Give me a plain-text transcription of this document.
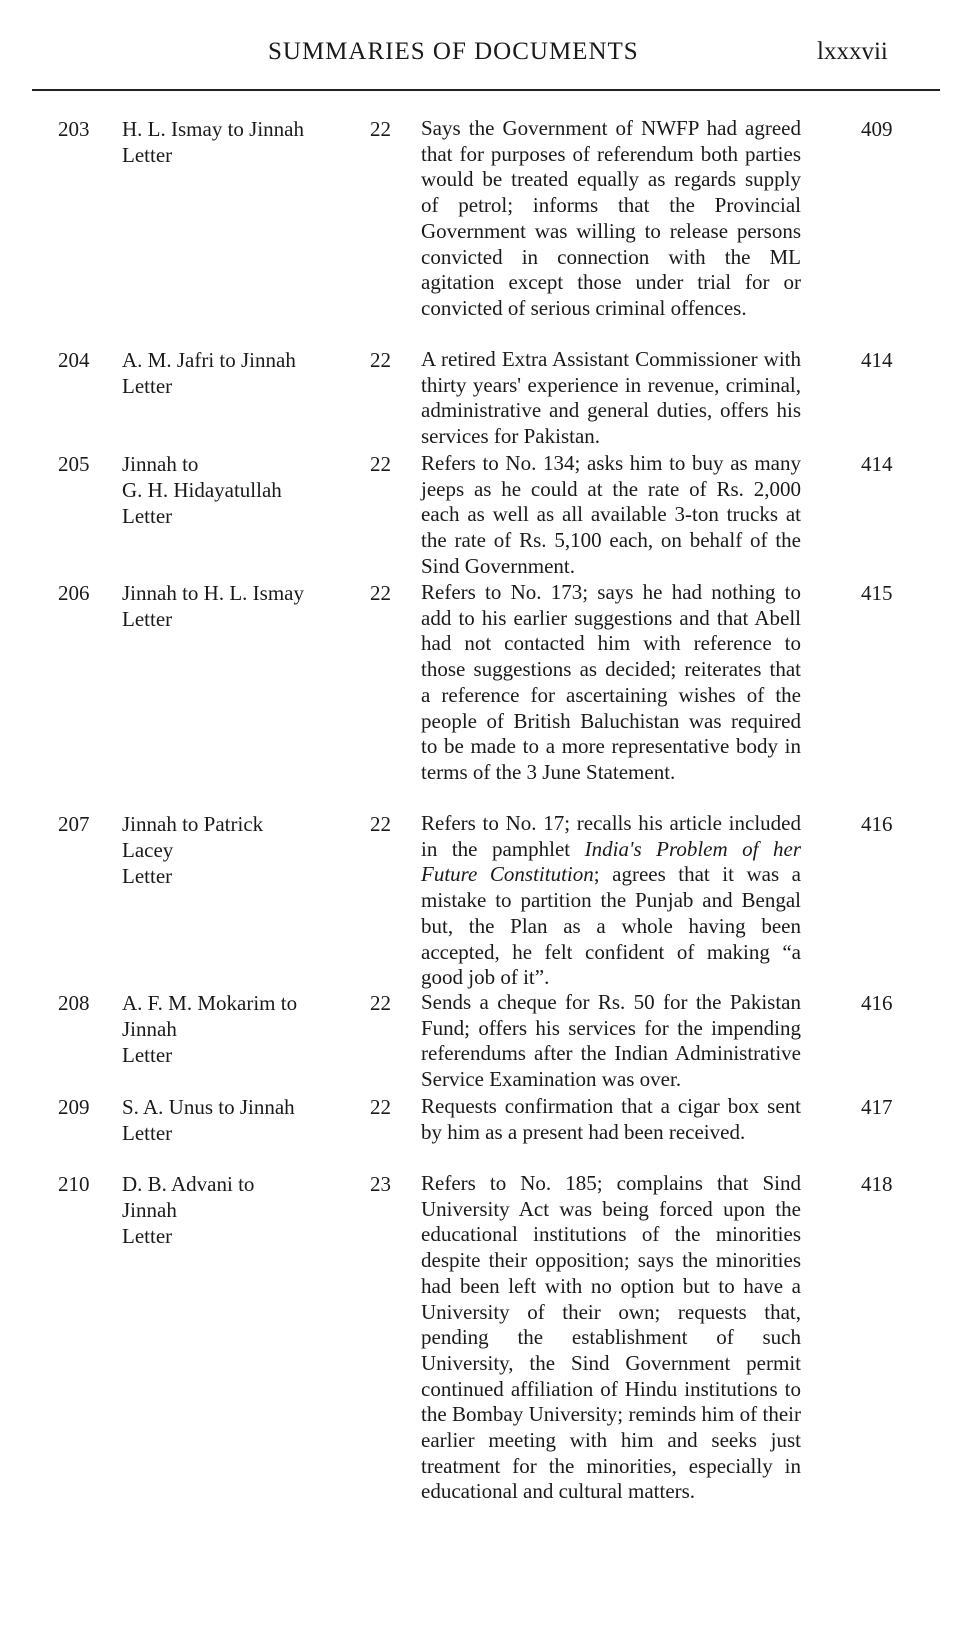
SUMMARIES OF DOCUMENTS	lxxxvii
203 H. L. Ismay to Jinnah
Letter
22 Says the Government of NWFP had agreed that for purposes of referendum both parties would be treated equally as regards supply of petrol; informs that the Provincial Government was willing to release persons convicted in connection with the ML agitation except those under trial for or convicted of serious criminal offences.
409
204 A. M. Jafri to Jinnah
Letter
22 A retired Extra Assistant Commissioner with thirty years' experience in revenue, criminal, administrative and general duties, offers his services for Pakistan.
414
205 Jinnah to
G. H. Hidayatullah
Letter
22 Refers to No. 134; asks him to buy as many jeeps as he could at the rate of Rs. 2,000 each as well as all available 3-ton trucks at the rate of Rs. 5,100 each, on behalf of the Sind Government.
414
206 Jinnah to H. L. Ismay
Letter
22 Refers to No. 173; says he had nothing to add to his earlier suggestions and that Abell had not contacted him with reference to those suggestions as decided; reiterates that a reference for ascertaining wishes of the people of British Baluchistan was required to be made to a more representative body in terms of the 3 June Statement.
415
207 Jinnah to Patrick
Lacey
Letter
22 Refers to No. 17; recalls his article included in the pamphlet India's Problem of her Future Constitution; agrees that it was a mistake to partition the Punjab and Bengal but, the Plan as a whole having been accepted, he felt confident of making “a good job of it”.
416
208 A. F. M. Mokarim to
Jinnah
Letter
22 Sends a cheque for Rs. 50 for the Pakistan Fund; offers his services for the impending referendums after the Indian Administrative Service Examination was over.
416
209 S. A. Unus to Jinnah
Letter
22 Requests confirmation that a cigar box sent by him as a present had been received.
417
210 D. B. Advani to
Jinnah
Letter
23 Refers to No. 185; complains that Sind University Act was being forced upon the educational institutions of the minorities despite their opposition; says the minorities had been left with no option but to have a University of their own; requests that, pending the establishment of such University, the Sind Government permit continued affiliation of Hindu institutions to the Bombay University; reminds him of their earlier meeting with him and seeks just treatment for the minorities, especially in educational and cultural matters.
418
